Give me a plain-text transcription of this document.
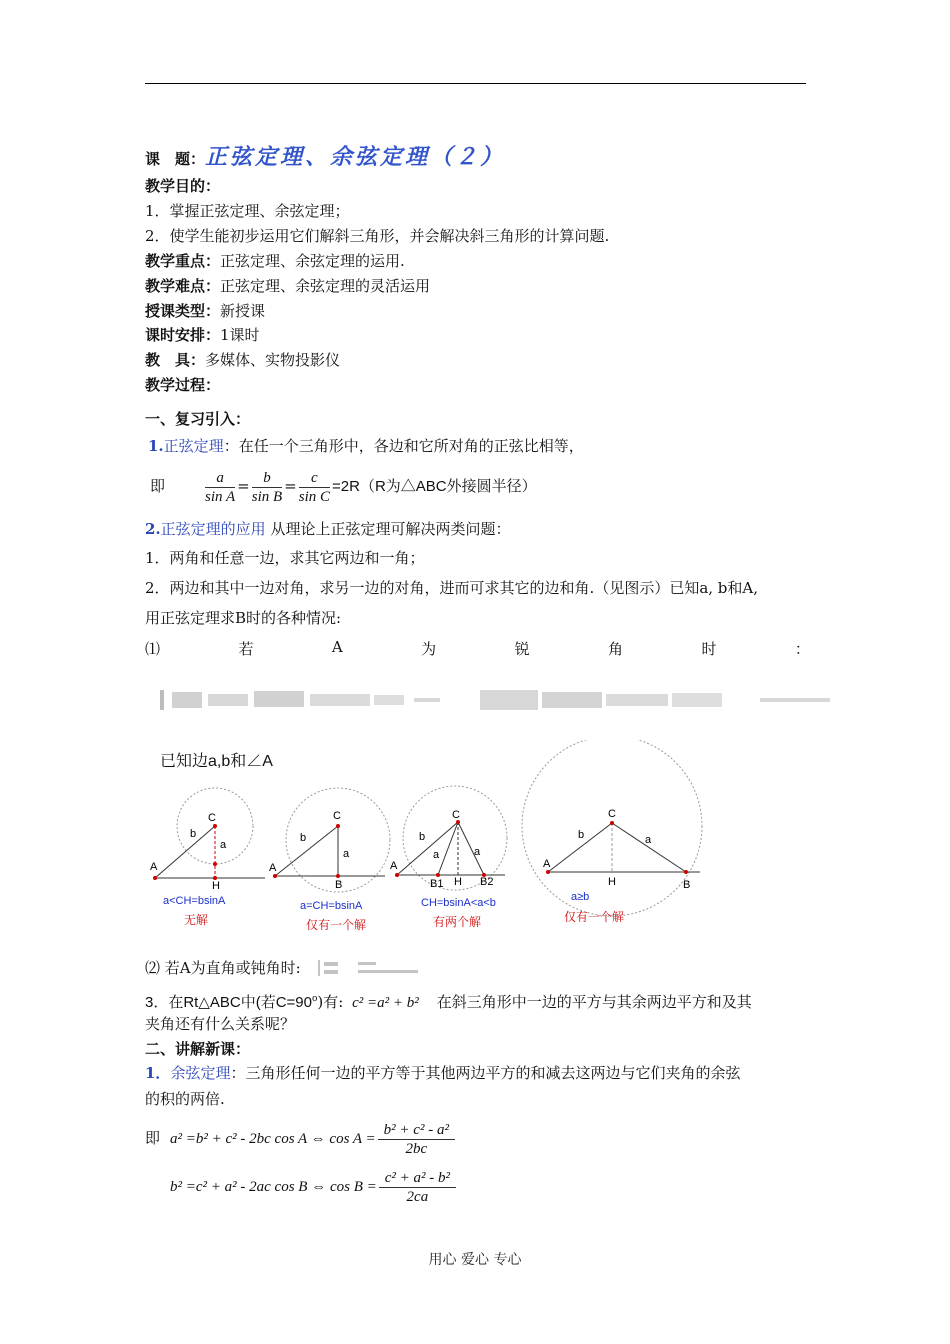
课　题：正弦定理、余弦定理（２）
教学目的：
1．掌握正弦定理、余弦定理；
2．使学生能初步运用它们解斜三角形，并会解决斜三角形的计算问题.
教学重点：正弦定理、余弦定理的运用.
教学难点：正弦定理、余弦定理的灵活运用
授课类型：新授课
课时安排：1课时
教　具：多媒体、实物投影仪
教学过程：
一、复习引入：
1.正弦定理：在任一个三角形中，各边和它所对角的正弦比相等，
即	$\frac{a}{\text{sin A}} = \frac{b}{\text{sin B}} = \frac{c}{\text{sin C}} =2R(R$为△ABC外接圆半径）
2.正弦定理的应用 从理论上正弦定理可解决两类问题：
1．两角和任意一边，求其它两边和一角；
2．两边和其中一边对角，求另一边的对角，进而可求其它的边和角.（见图示）已知a, b和A,
用正弦定理求B时的各种情况:
⑴	若	A	为	锐	角	时	：
已知边a,b和∠A
C
b
a
A
H
C
b
a
A
B
C
b
a	a
A
B1 H B2
C
b	a
A
H	B
a<CH=bsinA	a=CH=bsinA	CH=bsinA<a<b	a≥b
无解	仅有一个解	有两个解	仅有一个解
⑵ 若A为直角或钝角时:
3．在Rt△ABC中(若$C=90^o$)有: c² =a² + b² 在斜三角形中一边的平方与其余两边平方和及其
夹角还有什么关系呢？
二、讲解新课：
1．余弦定理：三角形任何一边的平方等于其他两边平方的和减去这两边与它们夹角的余弦
的积的两倍.
即 a² =b² + c² - 2bc cos A ⇔ $\cos A = \frac{\text{b² + c² - a²}}{2bc}$
b² =c² + a² - 2ac cos B ⇔ $\cos B = \frac{\text{c² + a² - b²}}{2ca}$
用心 爱心 专心
